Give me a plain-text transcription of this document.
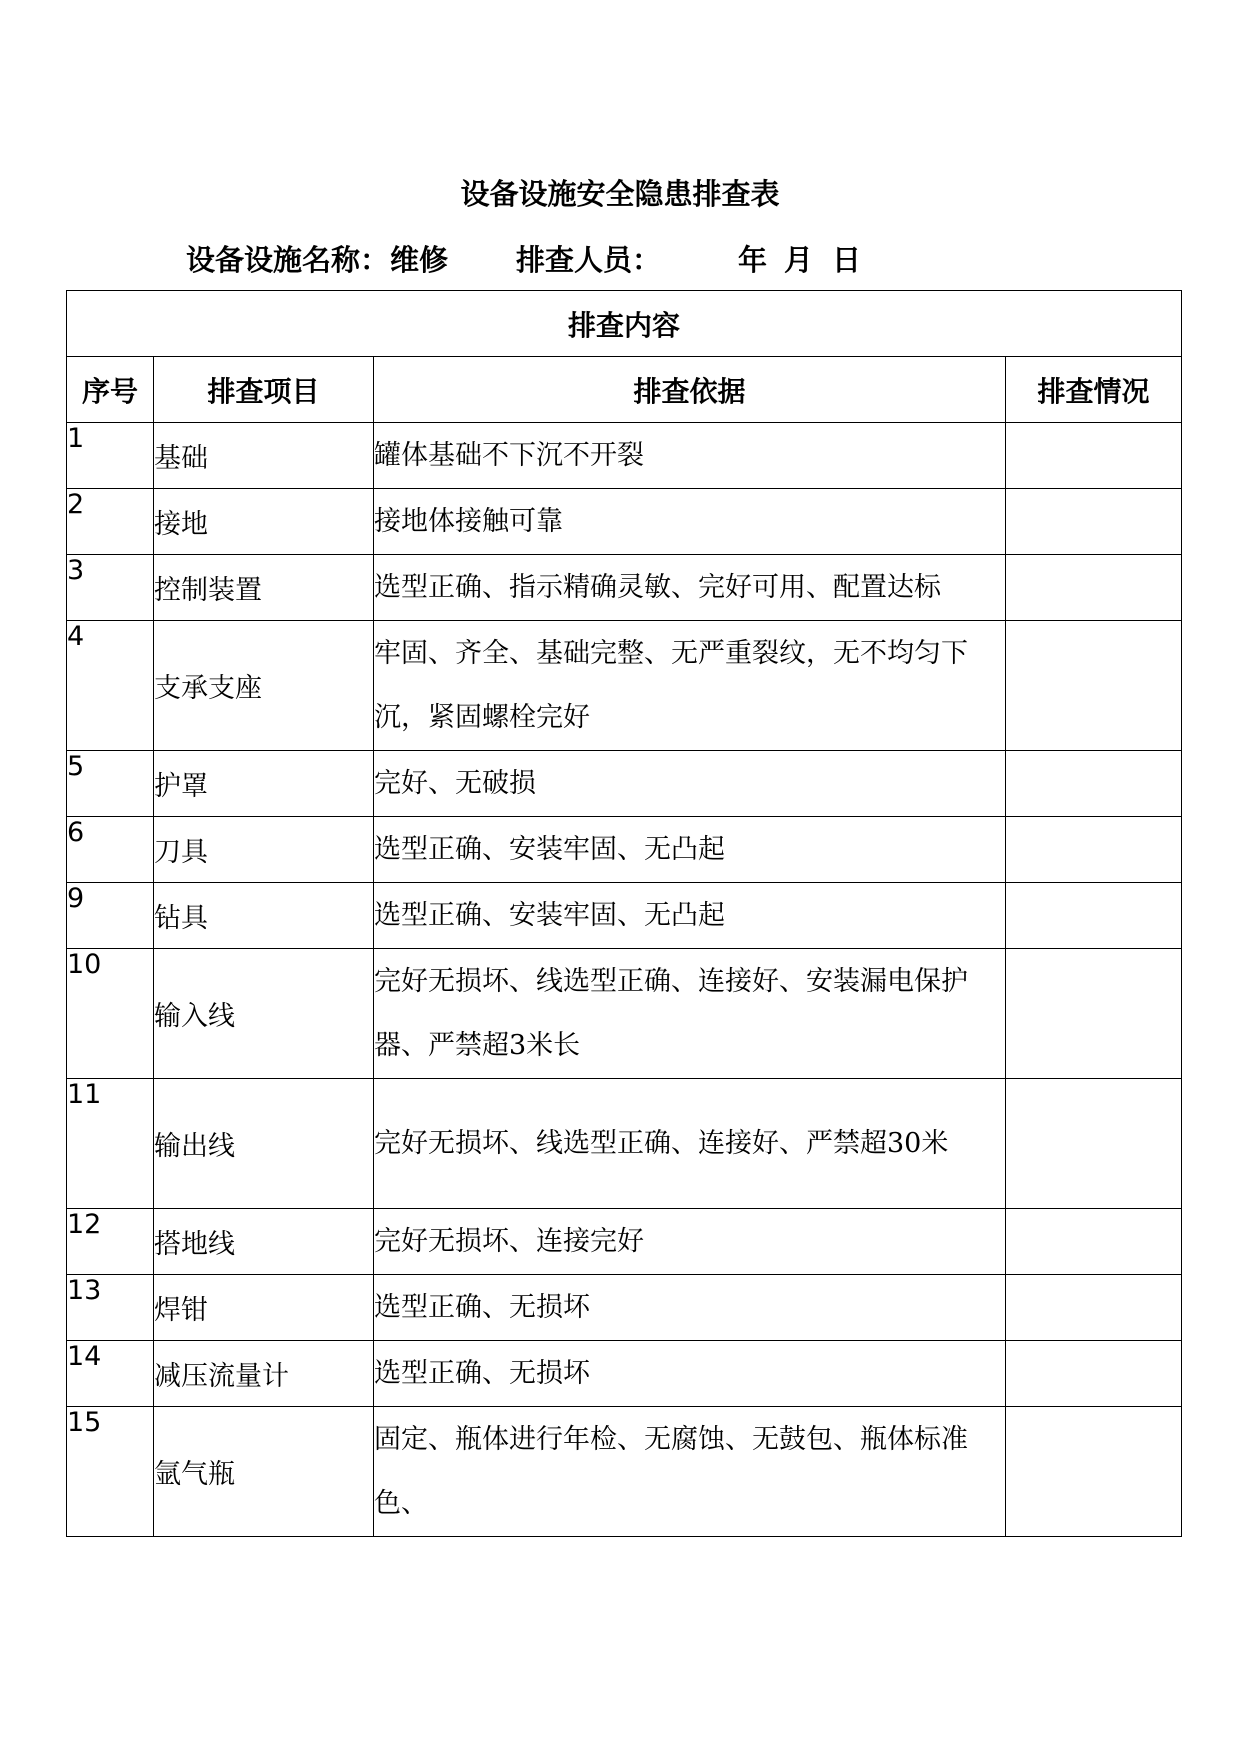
设备设施安全隐患排查表
设备设施名称： 维修 排查人员：	年 月 日
排查内容			
序号	排查项目	排查依据	排查情况
1	基础	罐体基础不下沉不开裂	
2	接地	接地体接触可靠	
3	控制装置	选型正确、指示精确灵敏、完好可用、配置达标	
4	支承支座	牢固、齐全、基础完整、无严重裂纹，无不均匀下沉，紧固螺栓完好	
5	护罩	完好、无破损	
6	刀具	选型正确、安装牢固、无凸起	
9	钻具	选型正确、安装牢固、无凸起	
10	输入线	完好无损坏、线选型正确、连接好、安装漏电保护器、严禁超3米长	
11	输出线	完好无损坏、线选型正确、连接好、严禁超30米	
12	搭地线	完好无损坏、连接完好	
13	焊钳	选型正确、无损坏	
14	减压流量计	选型正确、无损坏	
15	氩气瓶	固定、瓶体进行年检、无腐蚀、无鼓包、瓶体标准色、	
